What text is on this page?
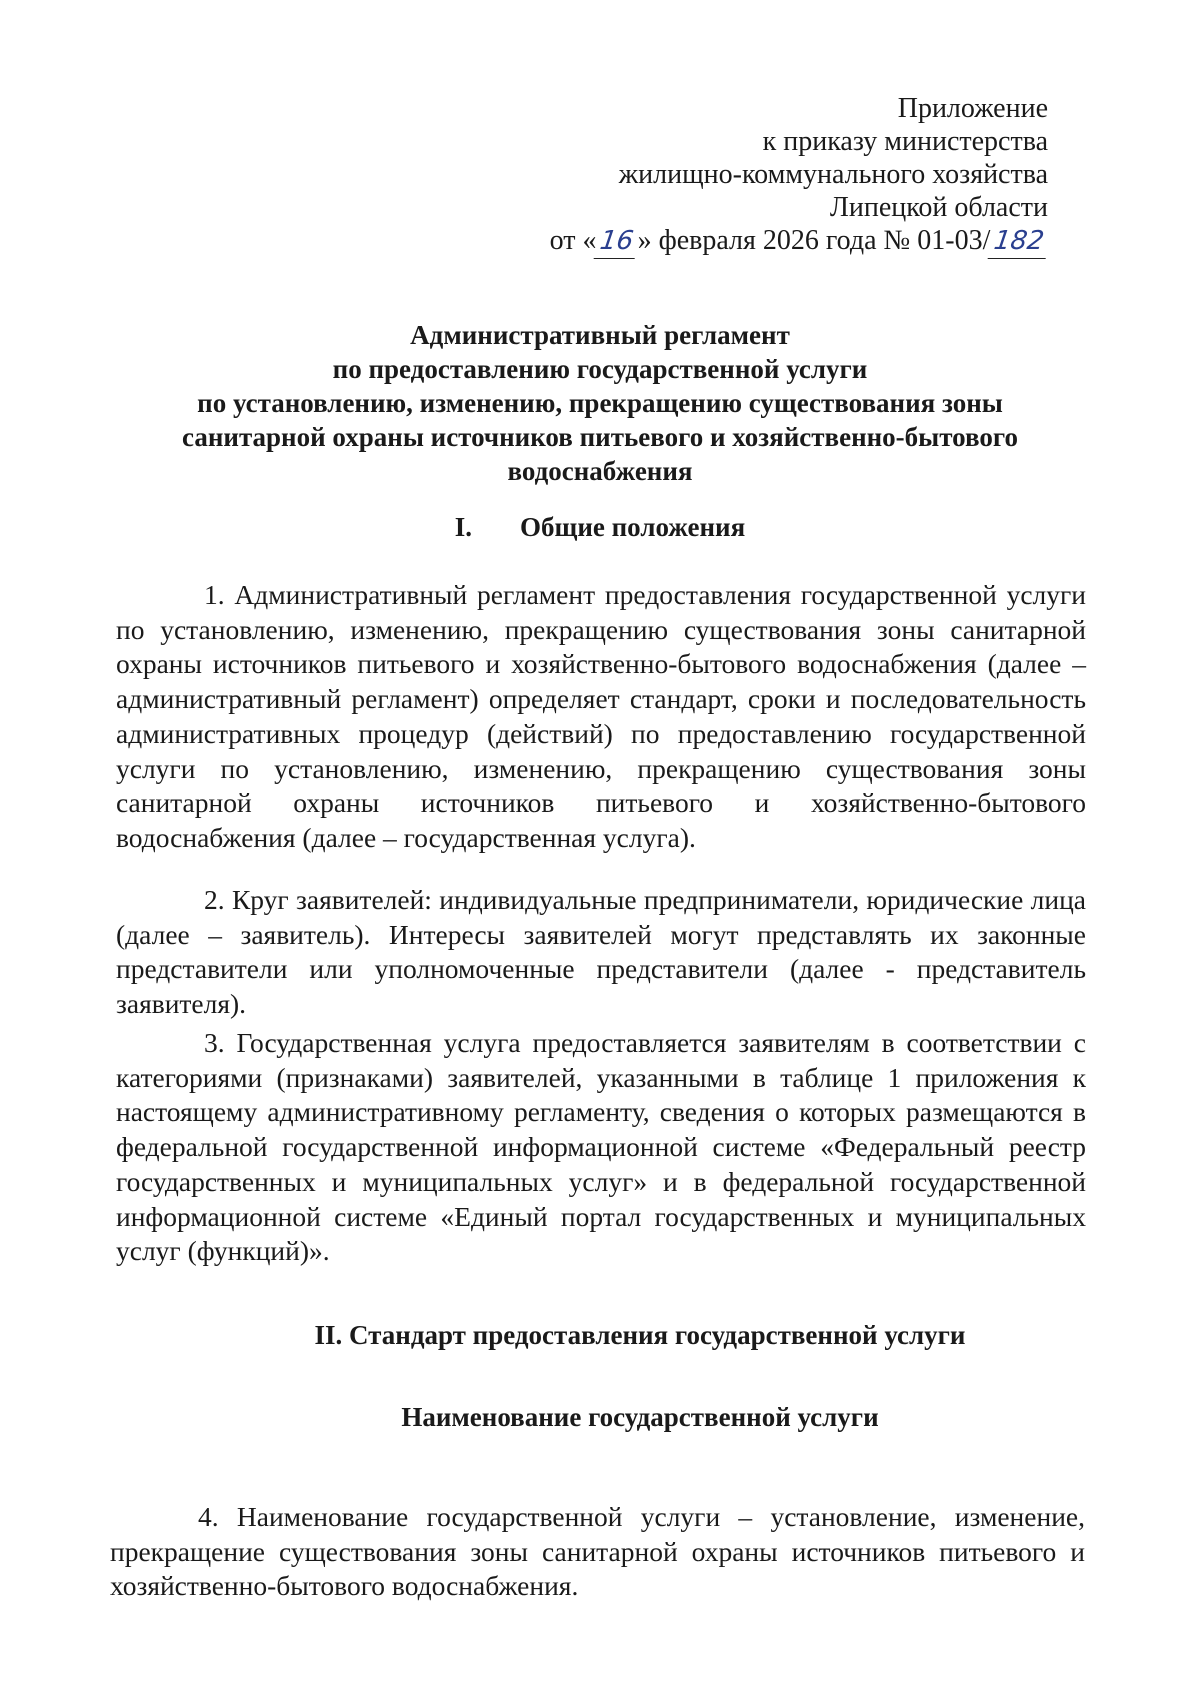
Приложение
к приказу министерства
жилищно-коммунального хозяйства
Липецкой области
от «16» февраля 2026 года № 01-03/182
Административный регламент
по предоставлению государственной услуги
по установлению, изменению, прекращению существования зоны
санитарной охраны источников питьевого и хозяйственно-бытового
водоснабжения
I. Общие положения
1. Административный регламент предоставления государственной услуги по установлению, изменению, прекращению существования зоны санитарной охраны источников питьевого и хозяйственно-бытового водоснабжения (далее – административный регламент) определяет стандарт, сроки и последовательность административных процедур (действий) по предоставлению государственной услуги по установлению, изменению, прекращению существования зоны санитарной охраны источников питьевого и хозяйственно-бытового водоснабжения (далее – государственная услуга).
2. Круг заявителей: индивидуальные предприниматели, юридические лица (далее – заявитель). Интересы заявителей могут представлять их законные представители или уполномоченные представители (далее - представитель заявителя).
3. Государственная услуга предоставляется заявителям в соответствии с категориями (признаками) заявителей, указанными в таблице 1 приложения к настоящему административному регламенту, сведения о которых размещаются в федеральной государственной информационной системе «Федеральный реестр государственных и муниципальных услуг» и в федеральной государственной информационной системе «Единый портал государственных и муниципальных услуг (функций)».
II. Стандарт предоставления государственной услуги
Наименование государственной услуги
4. Наименование государственной услуги – установление, изменение, прекращение существования зоны санитарной охраны источников питьевого и хозяйственно-бытового водоснабжения.
